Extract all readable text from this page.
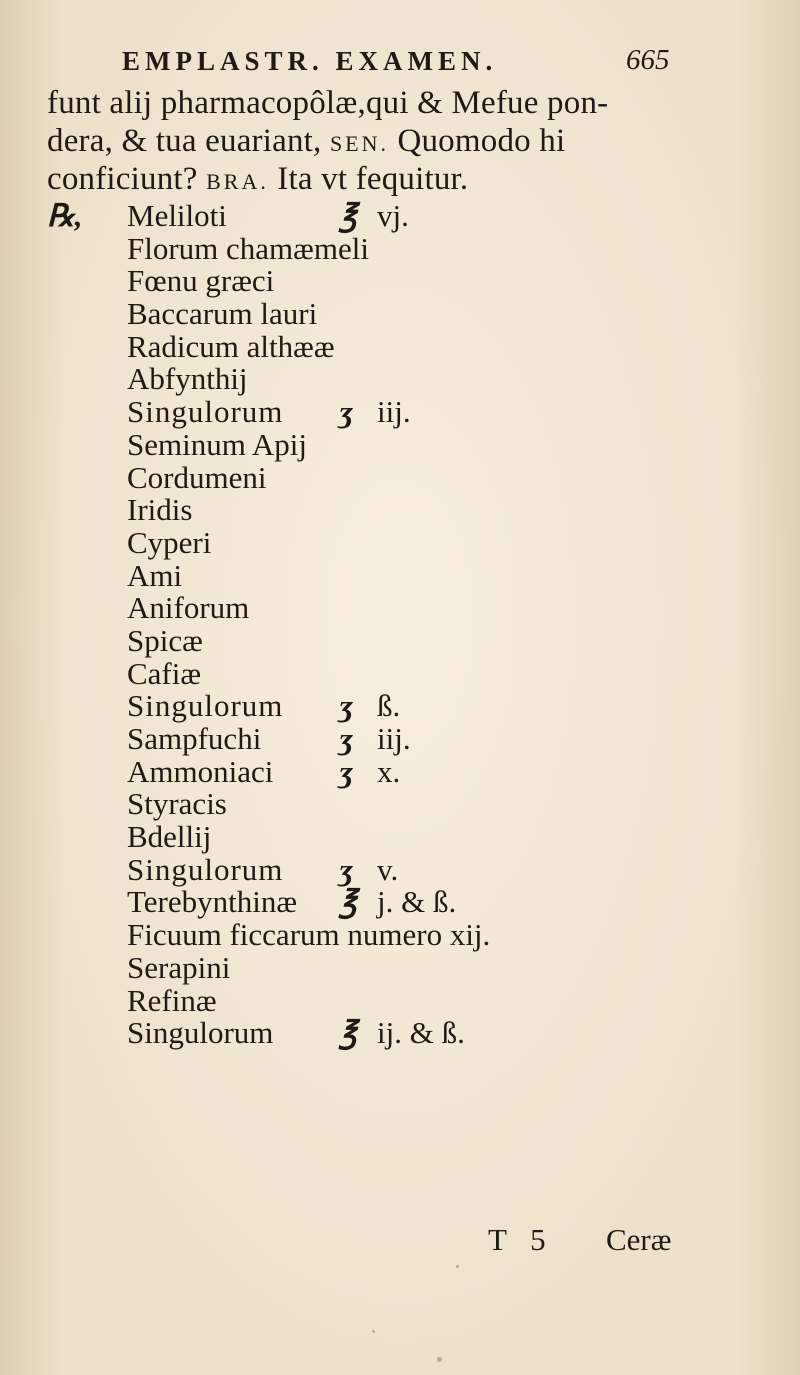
EMPLASTR. EXAMEN.	665
funt alij pharmacopôlæ,qui & Mefue pon-
dera, & tua euariant, SEN. Quomodo hi
conficiunt? BRA. Ita vt fequitur.
℞, Meliloti	℥ vj.
Florum chamæmeli
Fœnu græci
Baccarum lauri
Radicum althææ
Abfynthij
Singulorum ʒ iij.
Seminum Apij
Cordumeni
Iridis
Cyperi
Ami
Aniforum
Spicæ
Cafiæ
Singulorum ʒ ß.
Sampfuchi	ʒ iij.
Ammoniaci ʒ x.
Styracis
Bdellij
Singulorum ʒ v.
Terebynthinæ ℥ j. & ß.
Ficuum ficcarum numero xij.
Serapini
Refinæ
Singulorum ℥ ij. & ß.
T 5 Ceræ
